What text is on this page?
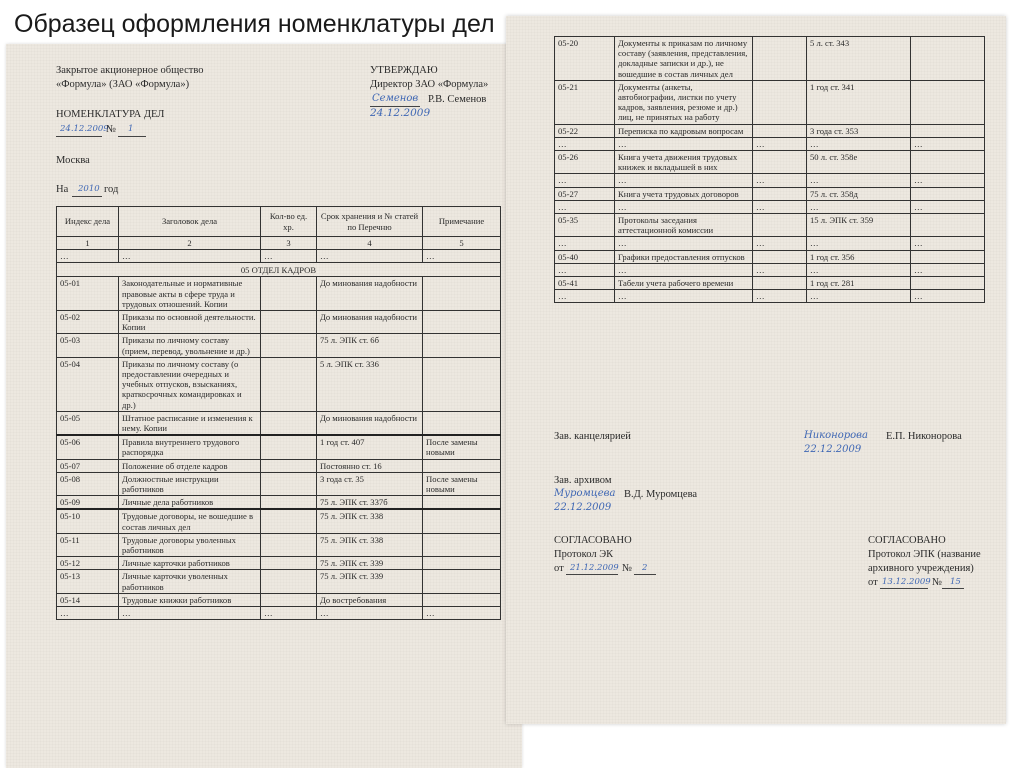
Образец оформления номенклатуры дел
Закрытое акционерное общество
«Формула» (ЗАО «Формула»)
УТВЕРЖДАЮ
Директор ЗАО «Формула»
Семенов Р.В. Семенов
24.12.2009
НОМЕНКЛАТУРА ДЕЛ
24.12.2009
№ 1
Москва
На 2010 год
Индекс дела	Заголовок дела	Кол-во ед. хр.	Срок хранения и № статей по Перечню	Примечание
1	2	3	4	5
…	…	…	…	…
05 ОТДЕЛ КАДРОВ				
05-01	Законодательные и нормативные правовые акты в сфере труда и трудовых отношений. Копии		До минования надобности	
05-02	Приказы по основной деятельности. Копии		До минования надобности	
05-03	Приказы по личному составу (прием, перевод, увольнение и др.)		75 л. ЭПК ст. 6б	
05-04	Приказы по личному составу (о предоставлении очередных и учебных отпусков, взысканиях, краткосрочных командировках и др.)		5 л. ЭПК ст. 336	
05-05	Штатное расписание и изменения к нему. Копии		До минования надобности	
05-06	Правила внутреннего трудового распорядка		1 год ст. 407	После замены новыми
05-07	Положение об отделе кадров		Постоянно ст. 16	
05-08	Должностные инструкции работников		3 года ст. 35	После замены новыми
05-09	Личные дела работников		75 л. ЭПК ст. 337б	
05-10	Трудовые договоры, не вошедшие в состав личных дел		75 л. ЭПК ст. 338	
05-11	Трудовые договоры уволенных работников		75 л. ЭПК ст. 338	
05-12	Личные карточки работников		75 л. ЭПК ст. 339	
05-13	Личные карточки уволенных работников		75 л. ЭПК ст. 339	
05-14	Трудовые книжки работников		До востребования	
…	…	…	…	…
05-20	Документы к приказам по личному составу (заявления, представления, докладные записки и др.), не вошедшие в состав личных дел		5 л. ст. 343	
05-21	Документы (анкеты, автобиографии, листки по учету кадров, заявления, резюме и др.) лиц, не принятых на работу		1 год ст. 341	
05-22	Переписка по кадровым вопросам		3 года ст. 353	
…	…	…	…	…
05-26	Книга учета движения трудовых книжек и вкладышей в них		50 л. ст. 358е	
…	…	…	…	…
05-27	Книга учета трудовых договоров		75 л. ст. 358д	
…	…	…	…	…
05-35	Протоколы заседания аттестационной комиссии		15 л. ЭПК ст. 359	
…	…	…	…	…
05-40	Графики предоставления отпусков		1 год ст. 356	
…	…	…	…	…
05-41	Табели учета рабочего времени		1 год ст. 281	
…	…	…	…	…
Зав. канцелярией	Никонорова
22.12.2009
Е.П. Никонорова
Зав. архивом
Муромцева В.Д. Муромцева
22.12.2009
СОГЛАСОВАНО
Протокол ЭК
от 21.12.2009 № 2
СОГЛАСОВАНО
Протокол ЭПК (название
архивного учреждения)
от 13.12.2009 № 15
